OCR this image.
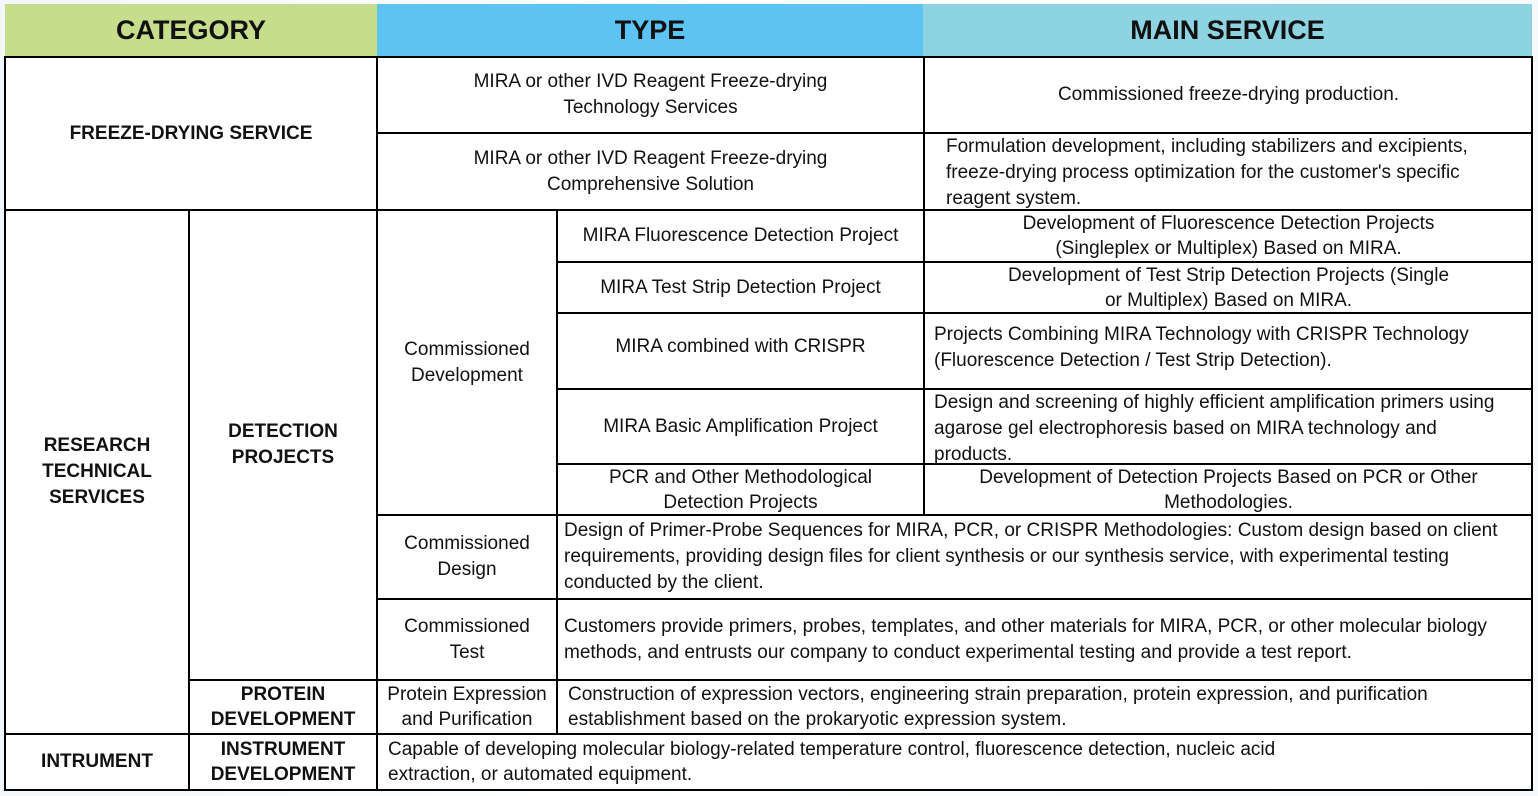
CATEGORY	TYPE	MAIN SERVICE
FREEZE-DRYING SERVICE
MIRA or other IVD Reagent Freeze-drying Technology Services
MIRA or other IVD Reagent Freeze-drying Comprehensive Solution
Commissioned freeze-drying production.
Formulation development, including stabilizers and excipients, freeze-drying process optimization for the customer's specific reagent system.
RESEARCH TECHNICAL SERVICES
DETECTION PROJECTS
Commissioned Development
MIRA Fluorescence Detection Project
Development of Fluorescence Detection Projects (Singleplex or Multiplex) Based on MIRA.
MIRA Test Strip Detection Project
Development of Test Strip Detection Projects (Single or Multiplex) Based on MIRA.
MIRA combined with CRISPR
Projects Combining MIRA Technology with CRISPR Technology (Fluorescence Detection / Test Strip Detection).
MIRA Basic Amplification Project
Design and screening of highly efficient amplification primers using agarose gel electrophoresis based on MIRA technology and products.
PCR and Other Methodological Detection Projects
Development of Detection Projects Based on PCR or Other Methodologies.
Commissioned Design
Design of Primer-Probe Sequences for MIRA, PCR, or CRISPR Methodologies: Custom design based on client requirements, providing design files for client synthesis or our synthesis service, with experimental testing conducted by the client.
Commissioned Test
Customers provide primers, probes, templates, and other materials for MIRA, PCR, or other molecular biology methods, and entrusts our company to conduct experimental testing and provide a test report.
PROTEIN DEVELOPMENT
Protein Expression and Purification
Construction of expression vectors, engineering strain preparation, protein expression, and purification establishment based on the prokaryotic expression system.
INTRUMENT
INSTRUMENT DEVELOPMENT
Capable of developing molecular biology-related temperature control, fluorescence detection, nucleic acid extraction, or automated equipment.
